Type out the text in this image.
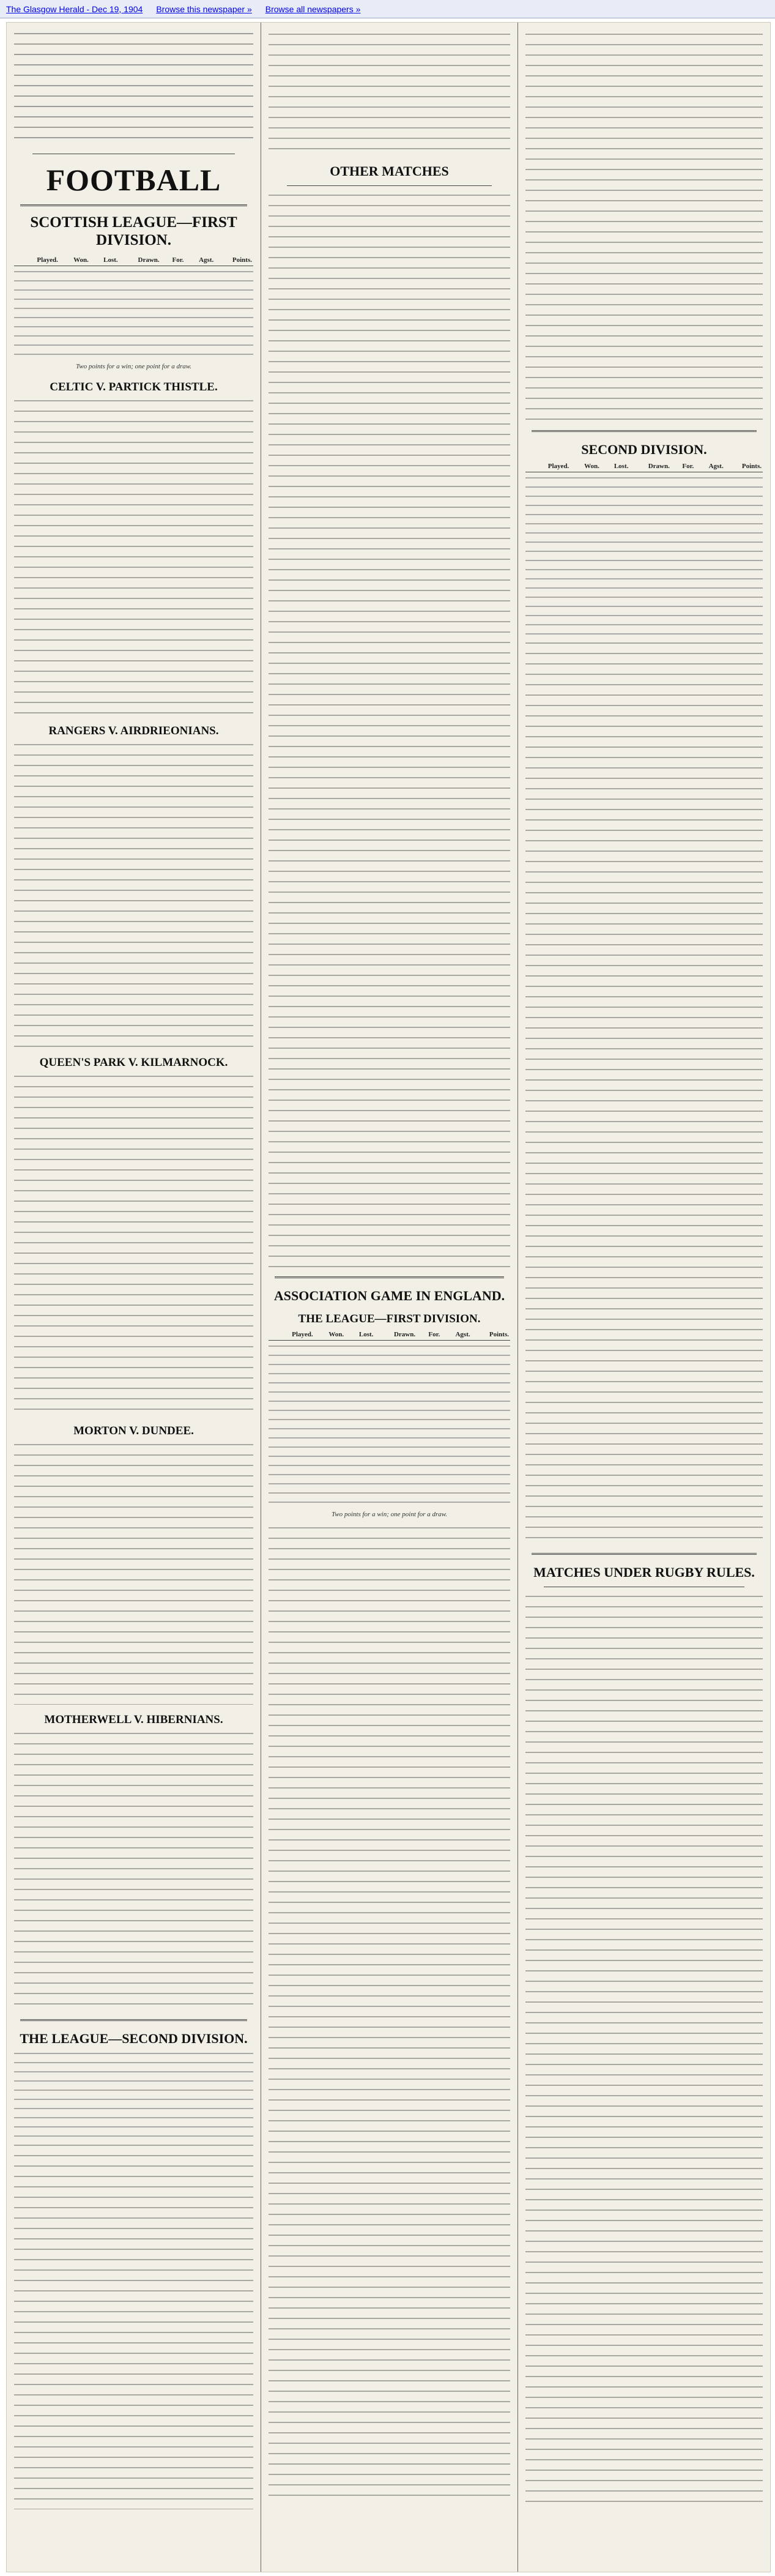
The Glasgow Herald - Dec 19, 1904 Browse this newspaper » Browse all newspapers »
FOOTBALL
SCOTTISH LEAGUE—FIRST DIVISION.
	Played.	Won.	Lost.	Drawn.	For.	Agst.	Points.
Two points for a win; one point for a draw.
CELTIC V. PARTICK THISTLE.
RANGERS V. AIRDRIEONIANS.
QUEEN'S PARK V. KILMARNOCK.
MORTON V. DUNDEE.
MOTHERWELL V. HIBERNIANS.
THE LEAGUE—SECOND DIVISION.
OTHER MATCHES
ASSOCIATION GAME IN ENGLAND.
THE LEAGUE—FIRST DIVISION.
	Played.	Won.	Lost.	Drawn.	For.	Agst.	Points.
Two points for a win; one point for a draw.
SECOND DIVISION.
	Played.	Won.	Lost.	Drawn.	For.	Agst.	Points.
MATCHES UNDER RUGBY RULES.
